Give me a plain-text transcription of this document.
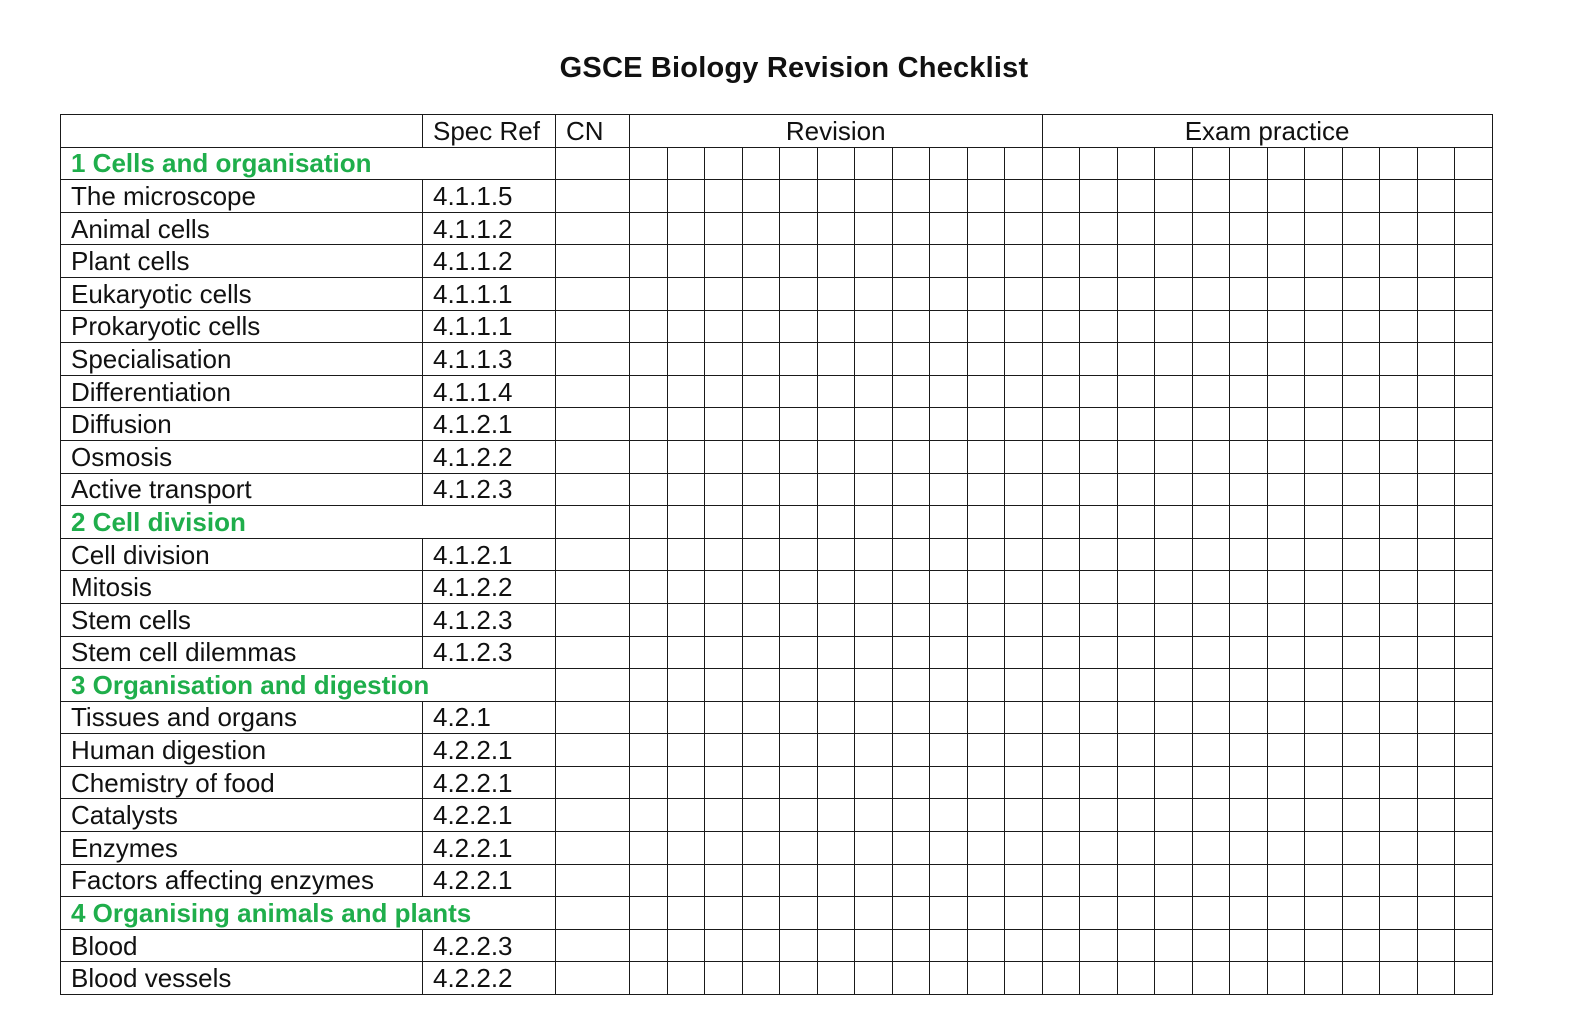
GSCE Biology Revision Checklist
	Spec Ref	CN	Revision											Exam practice											
1 Cells and organisation																									
The microscope	4.1.1.5																								
Animal cells	4.1.1.2																								
Plant cells	4.1.1.2																								
Eukaryotic cells	4.1.1.1																								
Prokaryotic cells	4.1.1.1																								
Specialisation	4.1.1.3																								
Differentiation	4.1.1.4																								
Diffusion	4.1.2.1																								
Osmosis	4.1.2.2																								
Active transport	4.1.2.3																								
2 Cell division																									
Cell division	4.1.2.1																								
Mitosis	4.1.2.2																								
Stem cells	4.1.2.3																								
Stem cell dilemmas	4.1.2.3																								
3 Organisation and digestion																									
Tissues and organs	4.2.1																								
Human digestion	4.2.2.1																								
Chemistry of food	4.2.2.1																								
Catalysts	4.2.2.1																								
Enzymes	4.2.2.1																								
Factors affecting enzymes	4.2.2.1																								
4 Organising animals and plants																									
Blood	4.2.2.3																								
Blood vessels	4.2.2.2																								
